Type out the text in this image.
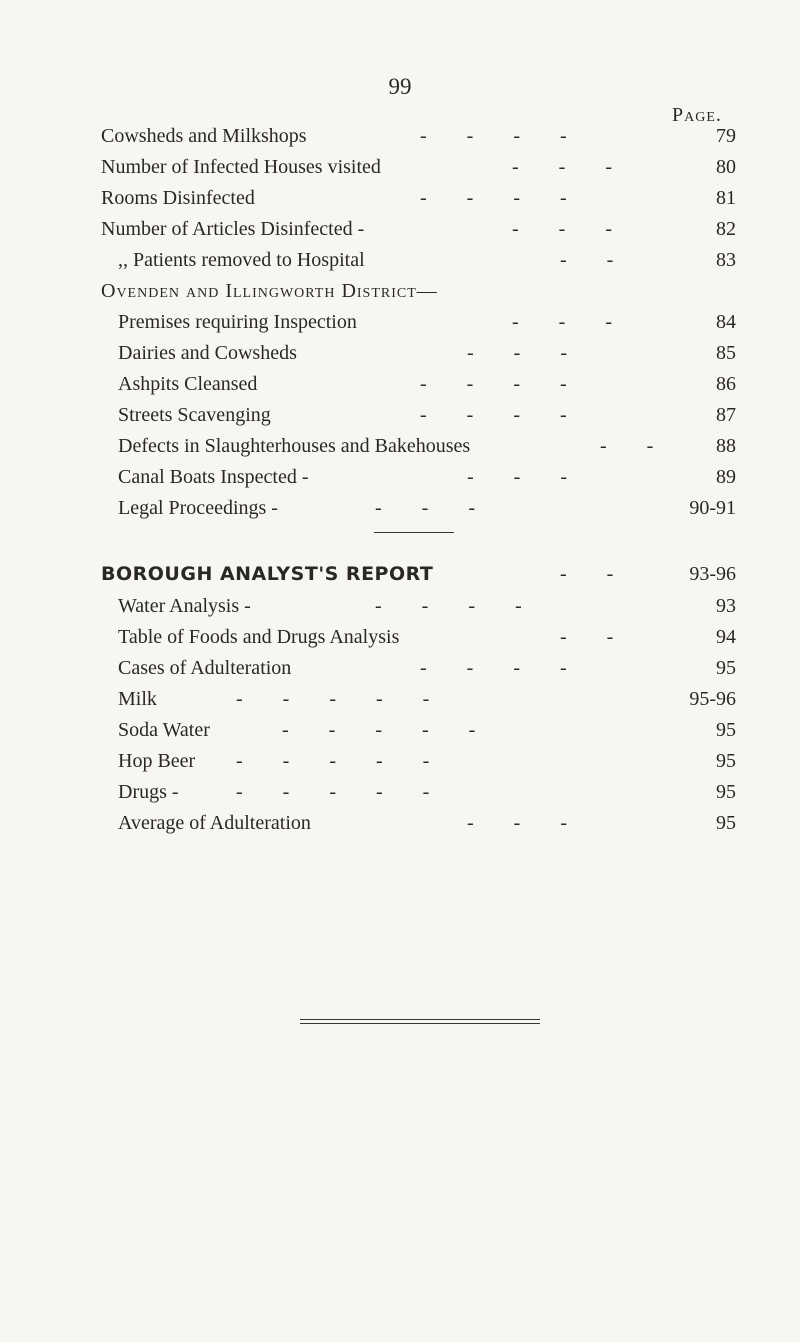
99
Page.
Cowsheds and Milkshops	-        -        -        -	79
Number of Infected Houses visited	-        -        -	80
Rooms Disinfected	-        -        -        -	81
Number of Articles Disinfected -	-        -        -	82
,, Patients removed to Hospital	-        -	83
Ovenden and Illingworth District—
Premises requiring Inspection	-        -        -	84
Dairies and Cowsheds	-        -        -	85
Ashpits Cleansed	-        -        -        -	86
Streets Scavenging	-        -        -        -	87
Defects in Slaughterhouses and Bakehouses	-        -	88
Canal Boats Inspected -	-        -        -	89
Legal Proceedings -	-        -        -	90-91
BOROUGH ANALYST'S REPORT	-        -	93-96
Water Analysis -	-        -        -        -	93
Table of Foods and Drugs Analysis	-        -	94
Cases of Adulteration	-        -        -        -	95
Milk	-        -        -        -        -	95-96
Soda Water	-        -        -        -        -	95
Hop Beer -        -        -        -        -	95
Drugs -	-        -        -        -        -	95
Average of Adulteration	-        -        -	95
